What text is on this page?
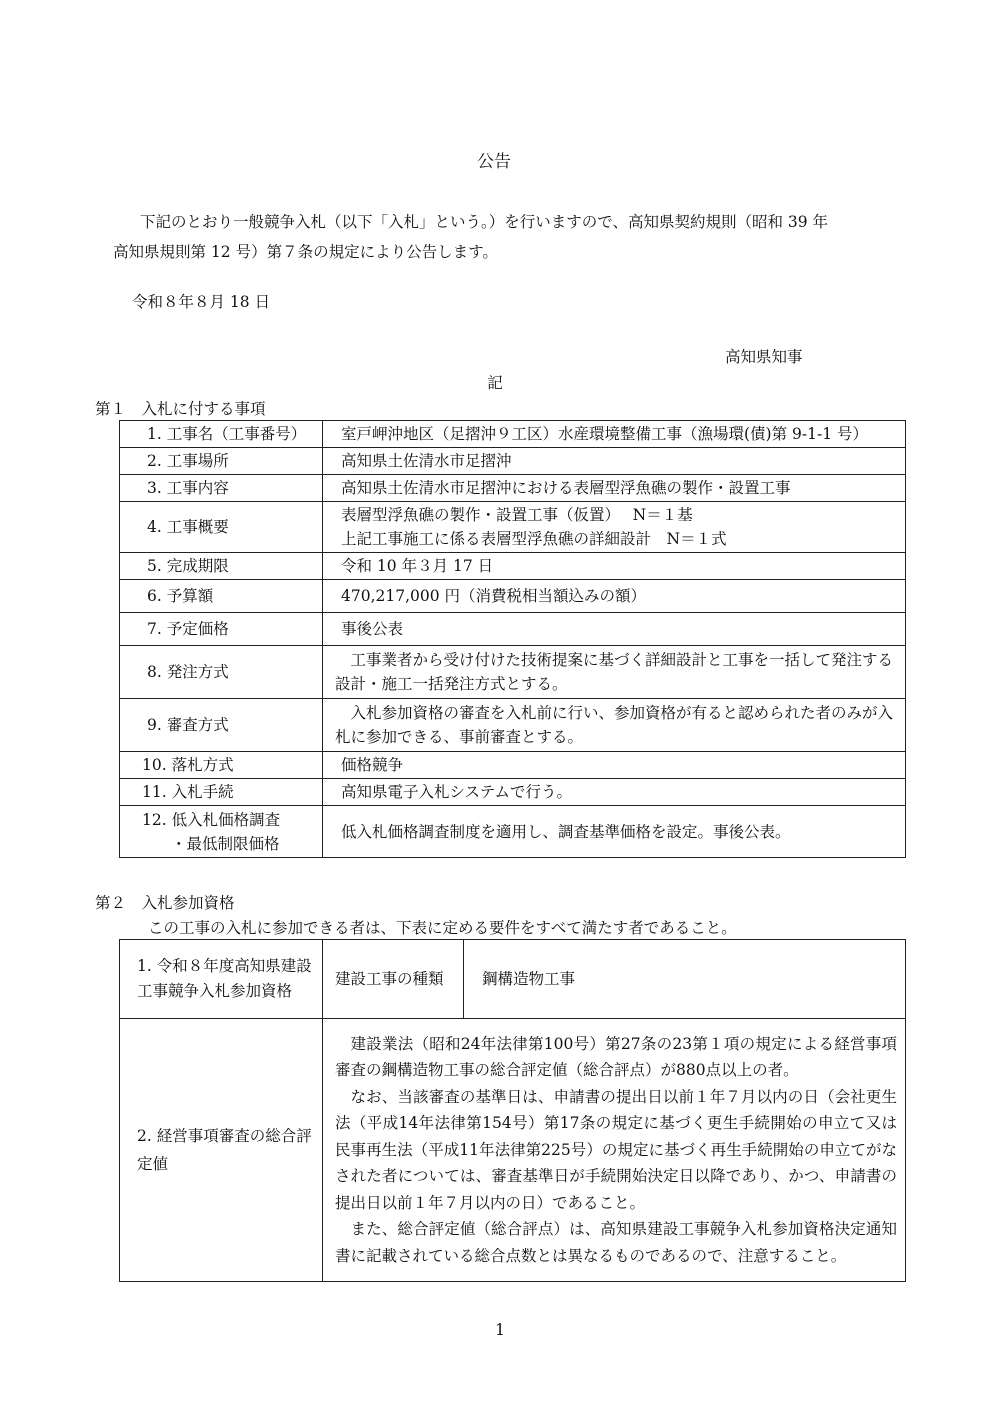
公告
下記のとおり一般競争入札（以下「入札」という。）を行いますので、高知県契約規則（昭和 39 年
高知県規則第 12 号）第７条の規定により公告します。
令和８年８月 18 日
高知県知事
記
第１　入札に付する事項
1. 工事名（工事番号）	室戸岬沖地区（足摺沖９工区）水産環境整備工事（漁場環(債)第 9-1-1 号）
2. 工事場所	高知県土佐清水市足摺沖
3. 工事内容	高知県土佐清水市足摺沖における表層型浮魚礁の製作・設置工事
4. 工事概要	表層型浮魚礁の製作・設置工事（仮置）　 N＝１基
上記工事施工に係る表層型浮魚礁の詳細設計　N＝１式

5. 完成期限	令和 10 年３月 17 日
6. 予算額	470,217,000 円（消費税相当額込みの額）
7. 予定価格	事後公表
8. 発注方式	工事業者から受け付けた技術提案に基づく詳細設計と工事を一括して発注する設計・施工一括発注方式とする。
9. 審査方式	入札参加資格の審査を入札前に行い、参加資格が有ると認められた者のみが入札に参加できる、事前審査とする。
10. 落札方式	価格競争
11. 入札手続	高知県電子入札システムで行う。

12. 低入札価格調査
・最低制限価格	低入札価格調査制度を適用し、調査基準価格を設定。事後公表。
第２　入札参加資格
この工事の入札に参加できる者は、下表に定める要件をすべて満たす者であること。
1. 令和８年度高知県建設工事競争入札参加資格	建設工事の種類	鋼構造物工事
2. 経営事項審査の総合評定値	建設業法（昭和24年法律第100号）第27条の23第１項の規定による経営事項審査の鋼構造物工事の総合評定値（総合評点）が880点以上の者。
なお、当該審査の基準日は、申請書の提出日以前１年７月以内の日（会社更生法（平成14年法律第154号）第17条の規定に基づく更生手続開始の申立て又は民事再生法（平成11年法律第225号）の規定に基づく再生手続開始の申立てがなされた者については、審査基準日が手続開始決定日以降であり、かつ、申請書の提出日以前１年７月以内の日）であること。
また、総合評定値（総合評点）は、高知県建設工事競争入札参加資格決定通知書に記載されている総合点数とは異なるものであるので、注意すること。	
1
